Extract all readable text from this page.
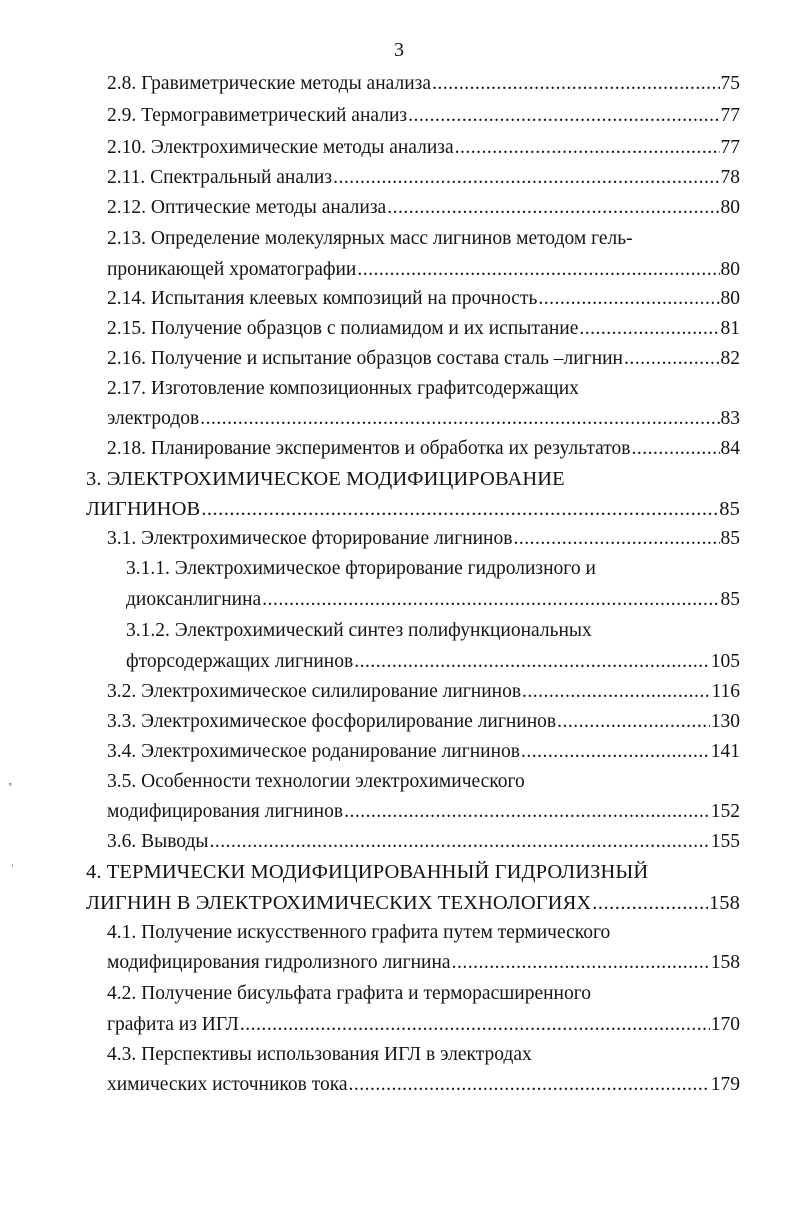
3
2.8. Гравиметрические методы анализа .....	75
2.9. Термогравиметрический анализ .....	77
2.10. Электрохимические методы анализа .....	77
2.11. Спектральный анализ .....	78
2.12. Оптические методы анализа .....	80
2.13. Определение молекулярных масс лигнинов методом гель-
проникающей хроматографии .....	80
2.14. Испытания клеевых композиций на прочность .....	80
2.15. Получение образцов с полиамидом и их испытание .....	81
2.16. Получение и испытание образцов состава сталь –лигнин .....	82
2.17. Изготовление композиционных графитсодержащих
электродов .....	83
2.18. Планирование экспериментов и обработка их результатов .....	84
3. ЭЛЕКТРОХИМИЧЕСКОЕ МОДИФИЦИРОВАНИЕ
ЛИГНИНОВ .....	85
3.1. Электрохимическое фторирование лигнинов .....	85
3.1.1. Электрохимическое фторирование гидролизного и
диоксанлигнина .....	85
3.1.2. Электрохимический синтез полифункциональных
фторсодержащих лигнинов .....	105
3.2. Электрохимическое силилирование лигнинов .....	116
3.3. Электрохимическое фосфорилирование лигнинов .....	130
3.4. Электрохимическое роданирование лигнинов .....	141
3.5. Особенности технологии электрохимического
модифицирования лигнинов .....	152
3.6. Выводы .....	155
4. ТЕРМИЧЕСКИ МОДИФИЦИРОВАННЫЙ ГИДРОЛИЗНЫЙ
ЛИГНИН В ЭЛЕКТРОХИМИЧЕСКИХ ТЕХНОЛОГИЯХ .....	158
4.1. Получение искусственного графита путем термического
модифицирования гидролизного лигнина .....	158
4.2. Получение бисульфата графита и терморасширенного
графита из ИГЛ .....	170
4.3. Перспективы использования ИГЛ в электродах
химических источников тока .....	179
˚
ˈ
